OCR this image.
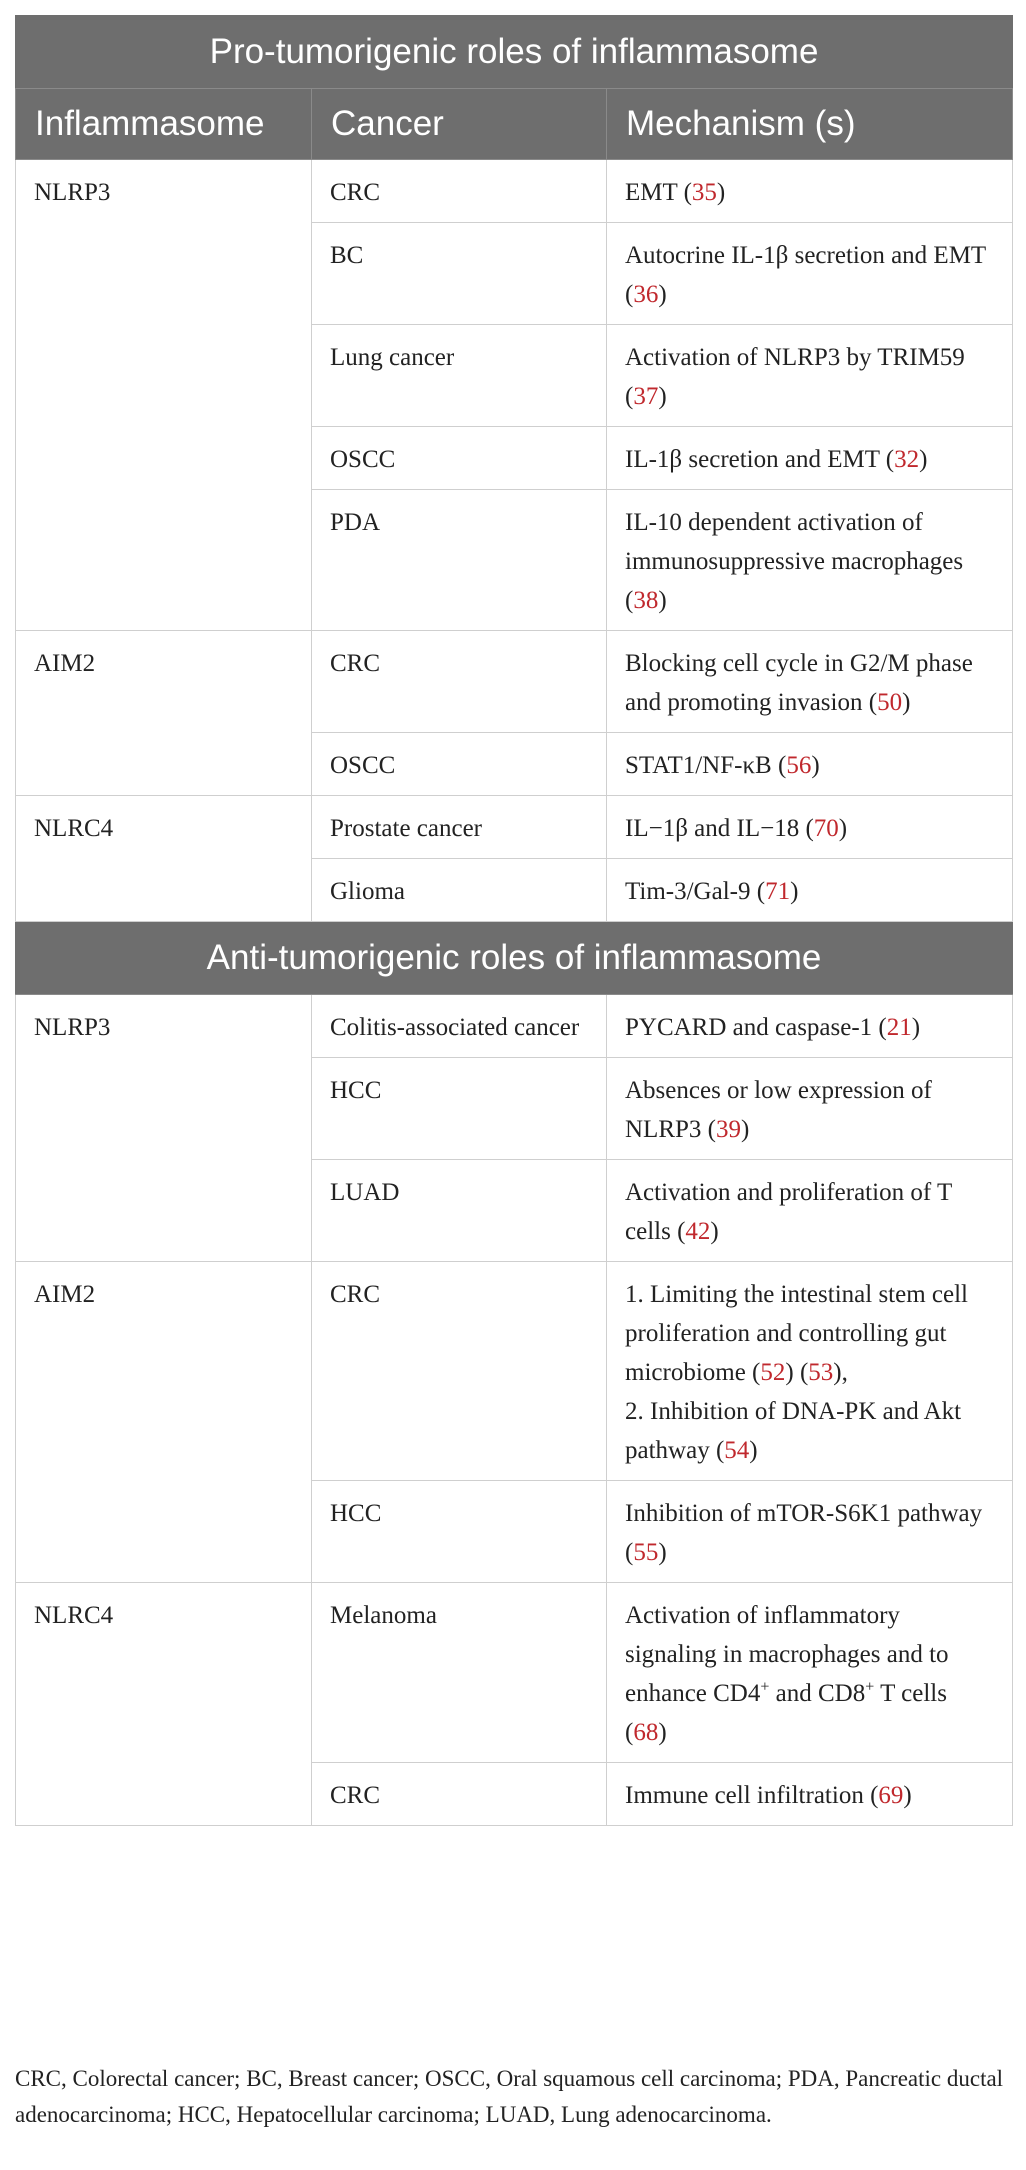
Pro-tumorigenic roles of inflammasome		
Inflammasome	Cancer	Mechanism (s)
NLRP3	CRC	EMT (35)
	BC	Autocrine IL-1β secretion and EMT (36)
	Lung cancer	Activation of NLRP3 by TRIM59 (37)
	OSCC	IL-1β secretion and EMT (32)
	PDA	IL-10 dependent activation of immunosuppressive macrophages (38)
AIM2	CRC	Blocking cell cycle in G2/M phase and promoting invasion (50)
	OSCC	STAT1/NF-κB (56)
NLRC4	Prostate cancer	IL−1β and IL−18 (70)
	Glioma	Tim-3/Gal-9 (71)
Anti-tumorigenic roles of inflammasome		
NLRP3	Colitis-associated cancer	PYCARD and caspase-1 (21)
	HCC	Absences or low expression of NLRP3 (39)
	LUAD	Activation and proliferation of T cells (42)
AIM2	CRC	1. Limiting the intestinal stem cell proliferation and controlling gut microbiome (52) (53),
2. Inhibition of DNA-PK and Akt pathway (54)
	HCC	Inhibition of mTOR-S6K1 pathway (55)
NLRC4	Melanoma	Activation of inflammatory signaling in macrophages and to enhance CD4+ and CD8+ T cells (68)
	CRC	Immune cell infiltration (69)
CRC, Colorectal cancer; BC, Breast cancer; OSCC, Oral squamous cell carcinoma; PDA, Pancreatic ductal adenocarcinoma; HCC, Hepatocellular carcinoma; LUAD, Lung adenocarcinoma.
